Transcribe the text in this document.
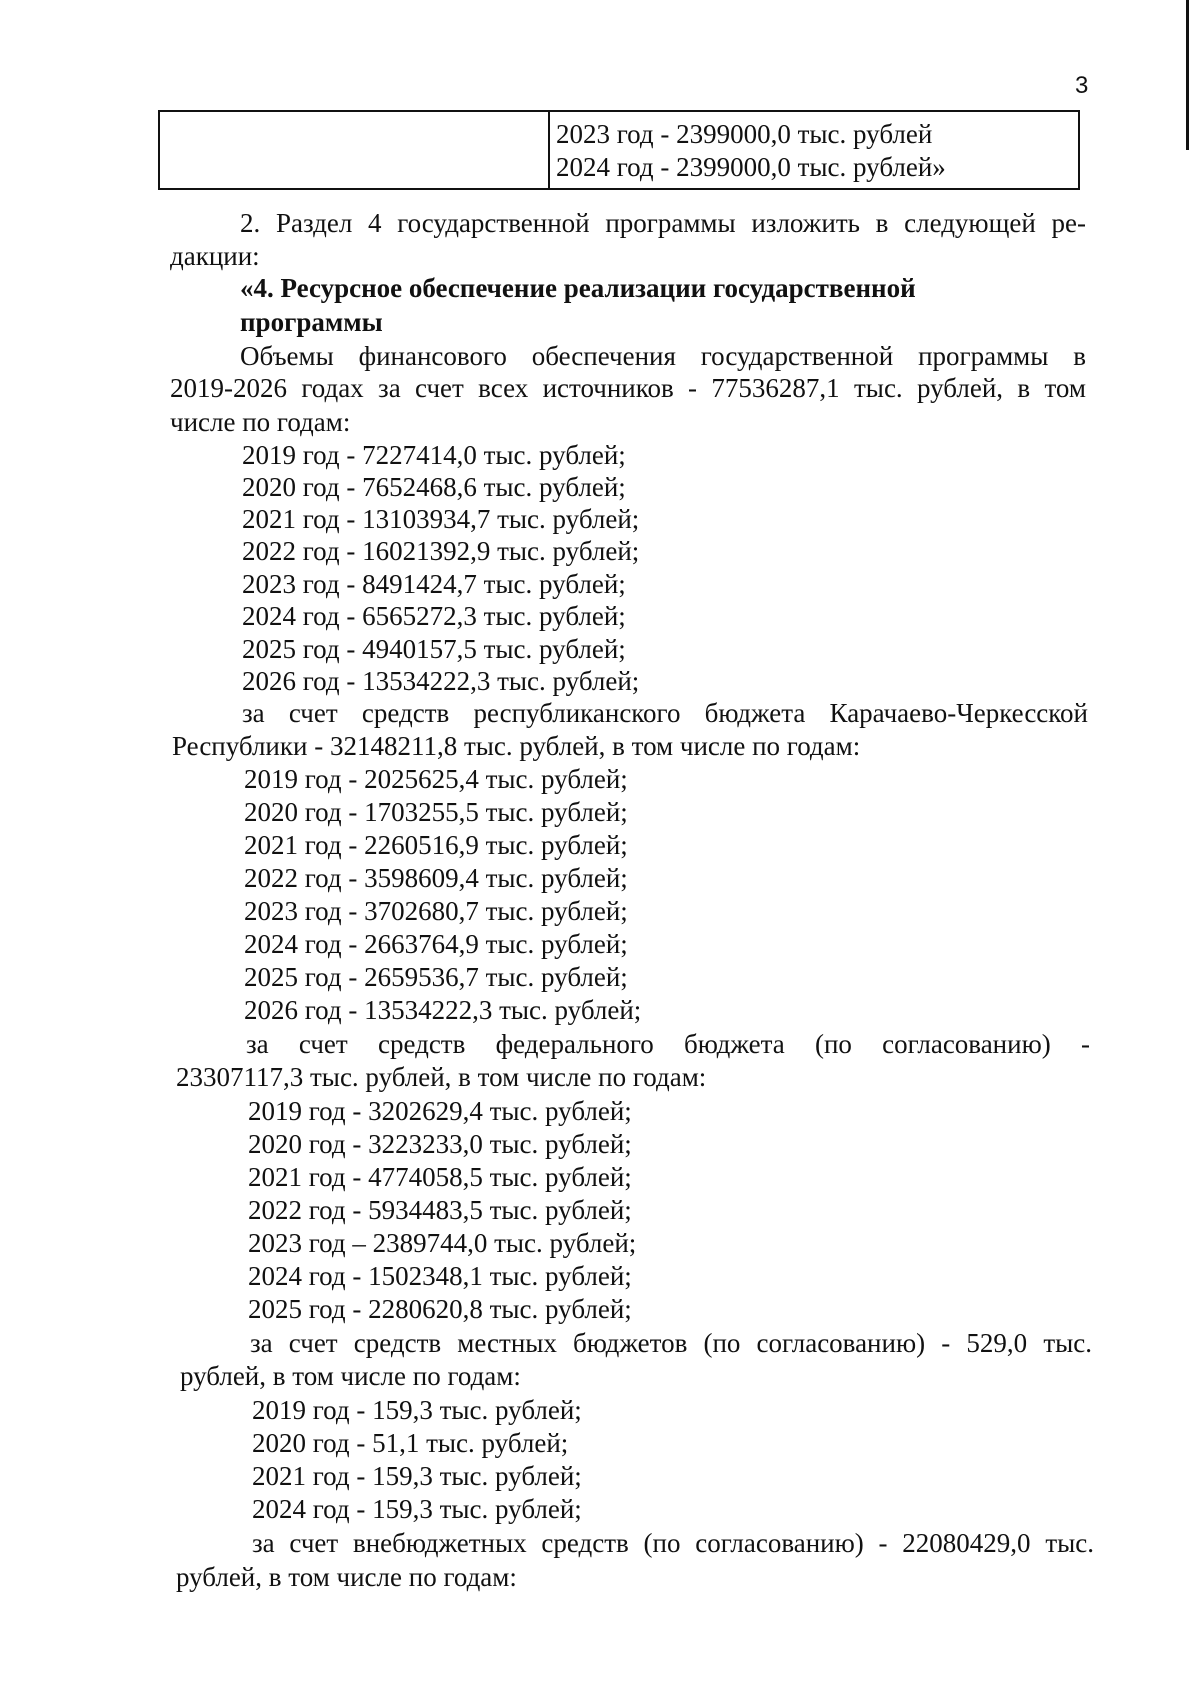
3

2023 год - 2399000,0 тыс. рублей
2024 год - 2399000,0 тыс. рублей»
2. Раздел 4 государственной программы изложить в следующей ре-
дакции:
«4. Ресурсное обеспечение реализации государственной
программы
Объемы финансового обеспечения государственной программы в
2019-2026 годах за счет всех источников - 77536287,1 тыс. рублей, в том
числе по годам:
2019 год - 7227414,0 тыс. рублей;
2020 год - 7652468,6 тыс. рублей;
2021 год - 13103934,7 тыс. рублей;
2022 год - 16021392,9 тыс. рублей;
2023 год - 8491424,7 тыс. рублей;
2024 год - 6565272,3 тыс. рублей;
2025 год - 4940157,5 тыс. рублей;
2026 год - 13534222,3 тыс. рублей;
за счет средств республиканского бюджета Карачаево-Черкесской
Республики - 32148211,8 тыс. рублей, в том числе по годам:
2019 год - 2025625,4 тыс. рублей;
2020 год - 1703255,5 тыс. рублей;
2021 год - 2260516,9 тыс. рублей;
2022 год - 3598609,4 тыс. рублей;
2023 год - 3702680,7 тыс. рублей;
2024 год - 2663764,9 тыс. рублей;
2025 год - 2659536,7 тыс. рублей;
2026 год - 13534222,3 тыс. рублей;
за счет средств федерального бюджета (по согласованию) -
23307117,3 тыс. рублей, в том числе по годам:
2019 год - 3202629,4 тыс. рублей;
2020 год - 3223233,0 тыс. рублей;
2021 год - 4774058,5 тыс. рублей;
2022 год - 5934483,5 тыс. рублей;
2023 год – 2389744,0 тыс. рублей;
2024 год - 1502348,1 тыс. рублей;
2025 год - 2280620,8 тыс. рублей;
за счет средств местных бюджетов (по согласованию) - 529,0 тыс.
рублей, в том числе по годам:
2019 год - 159,3 тыс. рублей;
2020 год - 51,1 тыс. рублей;
2021 год - 159,3 тыс. рублей;
2024 год - 159,3 тыс. рублей;
за счет внебюджетных средств (по согласованию) - 22080429,0 тыс.
рублей, в том числе по годам:
